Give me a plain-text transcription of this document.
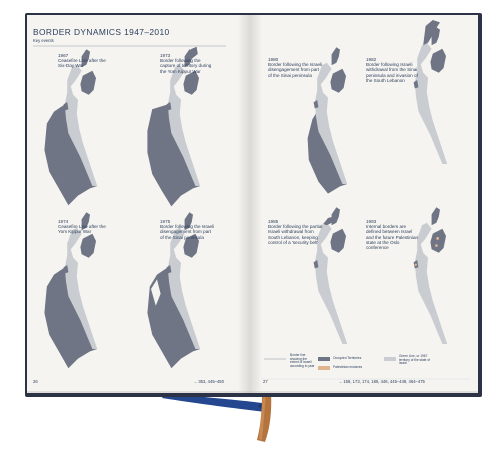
BORDER DYNAMICS 1947–2010
Key events

1967
Ceasefire Line after the Six-Day War

1973
Border following the capture of territory during the Yom Kippur War

1974
Ceasefire Line after the Yom Kippur War

1975
Border following the Israeli disengagement from part of the Sinai peninsula

1980
Border following the Israeli disengagement from part of the Sinai peninsula

1982
Border following Israeli withdrawal from the Sinai peninsula and invasion of the South Lebanon

1985
Border following the partial Israeli withdrawal from South Lebanon, keeping control of a 'security belt'

1993
Internal borders are defined between Israel and the future Palestinian state at the Oslo conference

Border line showing the extent of Israeli according to year
Occupied Territories
Palestinian enclaves
Green Line, or 1967 territory of the state of Israel
26	→ 353, 445–450	27	→ 158, 173, 174, 185, 446, 445–449, 464–475
